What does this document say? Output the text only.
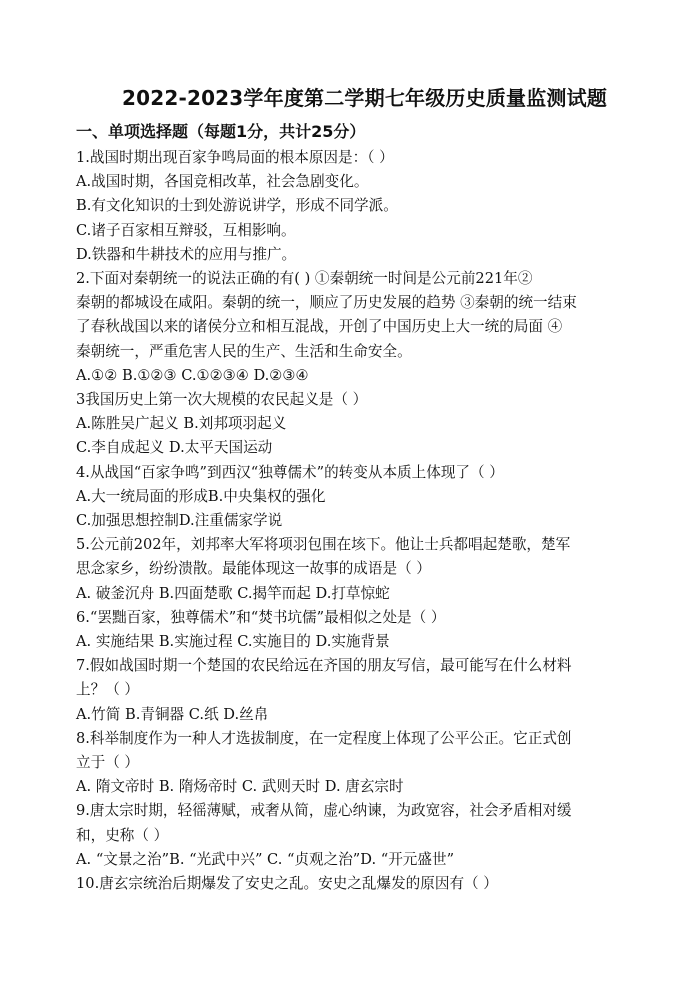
2022-2023学年度第二学期七年级历史质量监测试题
一、单项选择题（每题1分，共计25分）
1.战国时期出现百家争鸣局面的根本原因是：（ ）
A.战国时期，各国竞相改革，社会急剧变化。
B.有文化知识的士到处游说讲学，形成不同学派。
C.诸子百家相互辩驳，互相影响。
D.铁器和牛耕技术的应用与推广。
2.下面对秦朝统一的说法正确的有( ) ①秦朝统一时间是公元前221年②
秦朝的都城设在咸阳。秦朝的统一，顺应了历史发展的趋势 ③秦朝的统一结束
了春秋战国以来的诸侯分立和相互混战，开创了中国历史上大一统的局面 ④
秦朝统一，严重危害人民的生产、生活和生命安全。
A.①② B.①②③ C.①②③④ D.②③④
3我国历史上第一次大规模的农民起义是（ ）
A.陈胜吴广起义 B.刘邦项羽起义
C.李自成起义 D.太平天国运动
4.从战国“百家争鸣”到西汉“独尊儒术”的转变从本质上体现了（ ）
A.大一统局面的形成B.中央集权的强化
C.加强思想控制D.注重儒家学说
5.公元前202年，刘邦率大军将项羽包围在垓下。他让士兵都唱起楚歌，楚军
思念家乡，纷纷溃散。最能体现这一故事的成语是（ ）
A. 破釜沉舟 B.四面楚歌 C.揭竿而起 D.打草惊蛇
6.“罢黜百家，独尊儒术”和“焚书坑儒”最相似之处是（ ）
A. 实施结果 B.实施过程 C.实施目的 D.实施背景
7.假如战国时期一个楚国的农民给远在齐国的朋友写信，最可能写在什么材料
上？（ ）
A.竹简 B.青铜器 C.纸 D.丝帛
8.科举制度作为一种人才选拔制度，在一定程度上体现了公平公正。它正式创
立于（ ）
A. 隋文帝时 B. 隋炀帝时 C. 武则天时 D. 唐玄宗时
9.唐太宗时期，轻徭薄赋，戒奢从简，虚心纳谏，为政宽容，社会矛盾相对缓
和，史称（ ）
A. “文景之治”B. “光武中兴” C. “贞观之治”D. “开元盛世”
10.唐玄宗统治后期爆发了安史之乱。安史之乱爆发的原因有（ ）
